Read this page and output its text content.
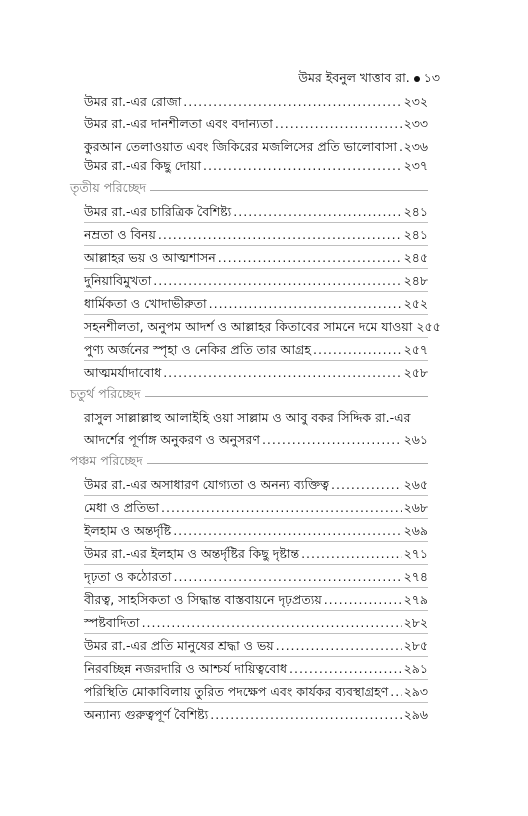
উমর ইবনুল খাত্তাব রা. ১৩
উমর রা.-এর রোজা .....	২৩২
উমর রা.-এর দানশীলতা এবং বদান্যতা .....	২৩৩
কুরআন তেলাওয়াত এবং জিকিরের মজলিসের প্রতি ভালোবাসা ..... ২৩৬
উমর রা.-এর কিছু দোয়া .....	২৩৭
তৃতীয় পরিচ্ছেদ
উমর রা.-এর চারিত্রিক বৈশিষ্ট্য .....	২৪১
নম্রতা ও বিনয় .....	২৪১
আল্লাহর ভয় ও আত্মশাসন .....	২৪৫
দুনিয়াবিমুখতা .....	২৪৮
ধার্মিকতা ও খোদাভীরুতা .....	২৫২
সহনশীলতা, অনুপম আদর্শ ও আল্লাহর কিতাবের সামনে দমে যাওয়া ২৫৫
পুণ্য অর্জনের স্পৃহা ও নেকির প্রতি তার আগ্রহ .....	২৫৭
আত্মমর্যাদাবোধ .....	২৫৮
চতুর্থ পরিচ্ছেদ
রাসুল সাল্লাল্লাহু আলাইহি ওয়া সাল্লাম ও আবু বকর সিদ্দিক রা.-এর
আদর্শের পূর্ণাঙ্গ অনুকরণ ও অনুসরণ .....	২৬১
পঞ্চম পরিচ্ছেদ
উমর রা.-এর অসাধারণ যোগ্যতা ও অনন্য ব্যক্তিত্ব .....	২৬৫
মেধা ও প্রতিভা .....	২৬৮
ইলহাম ও অন্তর্দৃষ্টি .....	২৬৯
উমর রা.-এর ইলহাম ও অন্তর্দৃষ্টির কিছু দৃষ্টান্ত .....	২৭১
দৃঢ়তা ও কঠোরতা .....	২৭৪
বীরত্ব, সাহসিকতা ও সিদ্ধান্ত বাস্তবায়নে দৃঢ়প্রত্যয় .....	২৭৯
স্পষ্টবাদিতা .....	২৮২
উমর রা.-এর প্রতি মানুষের শ্রদ্ধা ও ভয় .....	২৮৫
নিরবচ্ছিন্ন নজরদারি ও আশ্চর্য দায়িত্ববোধ .....	২৯১
পরিস্থিতি মোকাবিলায় তুরিত পদক্ষেপ এবং কার্যকর ব্যবস্থাগ্রহণ ..... ২৯৩
অন্যান্য গুরুত্বপূর্ণ বৈশিষ্ট্য .....	২৯৬
